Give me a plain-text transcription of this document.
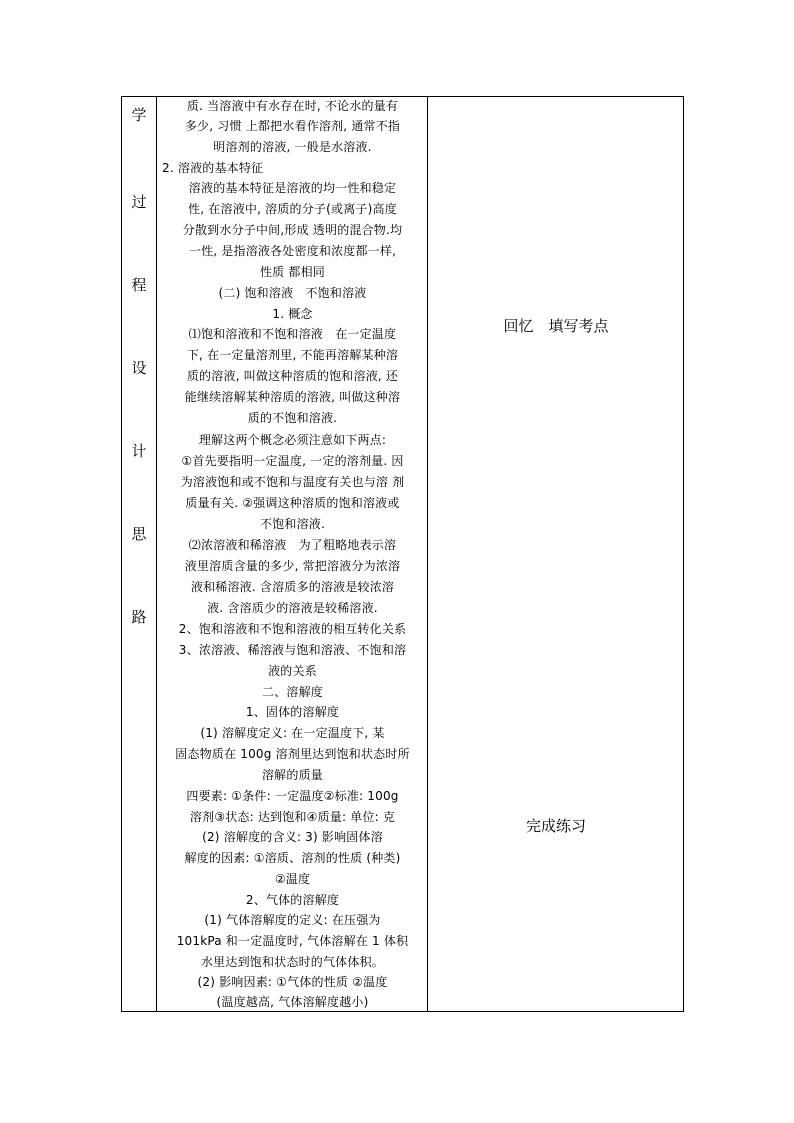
学
过
程
设
计
思
路
质. 当溶液中有水存在时, 不论水的量有
多少, 习惯 上都把水看作溶剂, 通常不指
明溶剂的溶液, 一般是水溶液.
2. 溶液的基本特征
溶液的基本特征是溶液的均一性和稳定
性, 在溶液中, 溶质的分子(或离子)高度
分散到水分子中间,形成 透明的混合物.均
一性, 是指溶液各处密度和浓度都一样,
性质 都相同
(二) 饱和溶液　不饱和溶液
1. 概念
⑴饱和溶液和不饱和溶液　在一定温度
下, 在一定量溶剂里, 不能再溶解某种溶
质的溶液, 叫做这种溶质的饱和溶液, 还
能继续溶解某种溶质的溶液, 叫做这种溶
质的不饱和溶液.
理解这两个概念必须注意如下两点:
①首先要指明一定温度, 一定的溶剂量. 因
为溶液饱和或不饱和与温度有关也与溶 剂
质量有关. ②强调这种溶质的饱和溶液或
不饱和溶液.
⑵浓溶液和稀溶液　为了粗略地表示溶
液里溶质含量的多少, 常把溶液分为浓溶
液和稀溶液. 含溶质多的溶液是较浓溶
液. 含溶质少的溶液是较稀溶液.
2、饱和溶液和不饱和溶液的相互转化关系
3、浓溶液、稀溶液与饱和溶液、不饱和溶
液的关系
二、溶解度
1、固体的溶解度
(1) 溶解度定义: 在一定温度下, 某
固态物质在 100g 溶剂里达到饱和状态时所
溶解的质量
四要素: ①条件: 一定温度②标准: 100g
溶剂③状态: 达到饱和④质量: 单位: 克
(2) 溶解度的含义: 3) 影响固体溶
解度的因素: ①溶质、溶剂的性质 (种类)
②温度
2、气体的溶解度
(1) 气体溶解度的定义: 在压强为
101kPa 和一定温度时, 气体溶解在 1 体积
水里达到饱和状态时的气体体积。
(2) 影响因素: ①气体的性质 ②温度
(温度越高, 气体溶解度越小)
回忆　填写考点
完成练习
